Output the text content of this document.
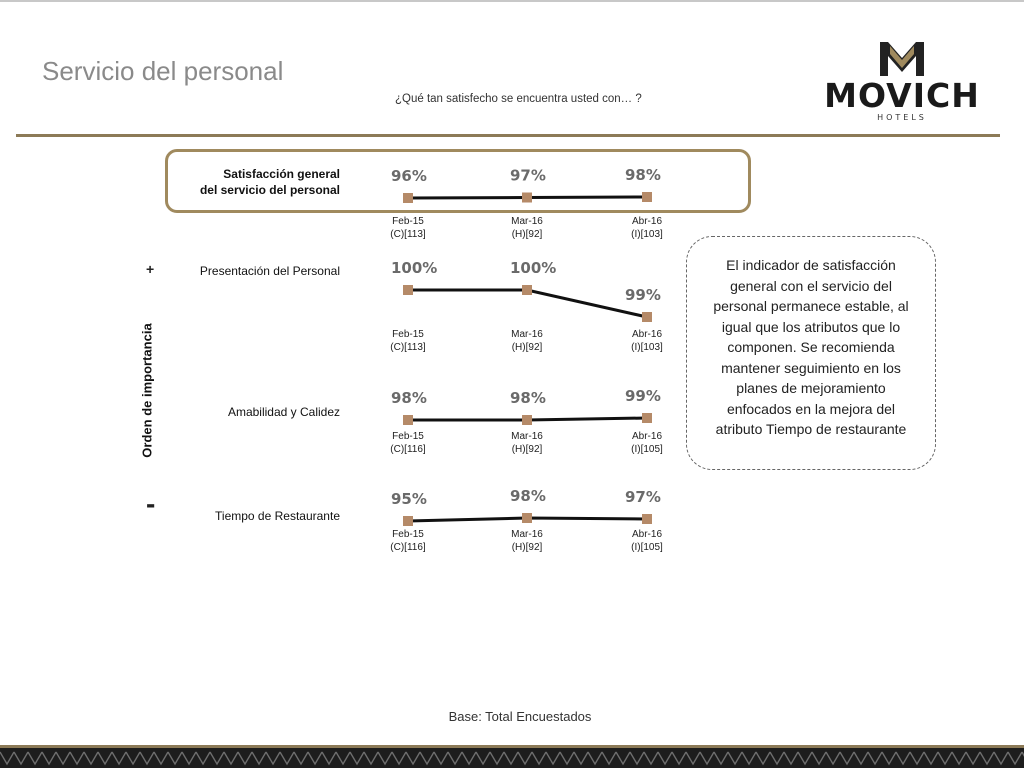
Servicio del personal
¿Qué tan satisfecho se encuentra usted con… ?	MOVICH
HOTELS
Satisfacción general
del servicio del personal
Presentación del Personal
Amabilidad y Calidez
Tiempo de Restaurante
+
-
Orden de importancia
96%
Feb-15
(C)[113]
97%
Mar-16
(H)[92]
98%
Abr-16
(I)[103]
100%
Feb-15
(C)[113]
100%
Mar-16
(H)[92]
99%
Abr-16
(I)[103]
98%
Feb-15
(C)[116]
98%
Mar-16
(H)[92]
99%
Abr-16
(I)[105]
95%
Feb-15
(C)[116]
98%
Mar-16
(H)[92]
97%
Abr-16
(I)[105]
El indicador de satisfacción general con el servicio del personal permanece estable, al igual que los atributos que lo componen. Se recomienda mantener seguimiento en los planes de mejoramiento enfocados en la mejora del atributo Tiempo de restaurante
Base: Total Encuestados
